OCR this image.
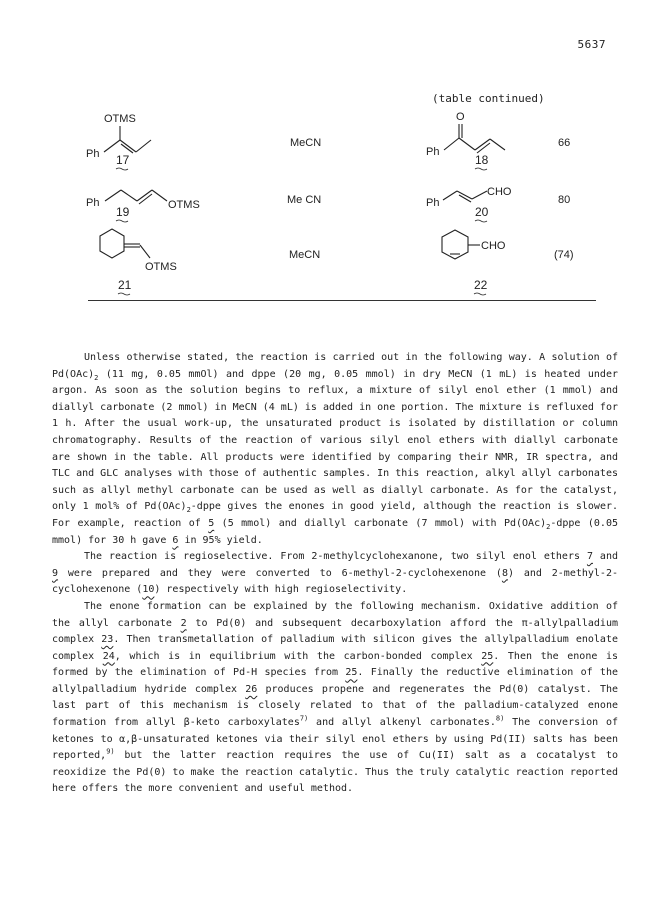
5637
(table continued)
OTMS
Ph 17
O
Ph
18
Ph	OTMS
19
CHO
Ph
20
OTMS
21
CHO
22
MeCN
Me CN
MeCN
66
80
(74)

Unless otherwise stated, the reaction is carried out in the following way. A solution of $Pd(OAc)_2$ (11 mg, 0.05 mmOl) and dppe (20 mg, 0.05 mmol) in dry MeCN (1 mL) is heated under argon. As soon as the solution begins to reflux, a mixture of silyl enol ether (1 mmol) and diallyl carbonate (2 mmol) in MeCN (4 mL) is added in one portion. The mixture is refluxed for 1 h. After the usual work-up, the unsaturated product is isolated by distillation or column chromatography. Results of the reaction of various silyl enol ethers with diallyl carbonate are shown in the table. All products were identified by comparing their NMR, IR spectra, and TLC and GLC analyses with those of authentic samples. In this reaction, alkyl allyl carbonates such as allyl methyl carbonate can be used as well as diallyl carbonate. As for the catalyst, only 1 mol% of $Pd(OAc)_2$-dppe gives the enones in good yield, although the reaction is slower. For example, reaction of 5 (5 mmol) and diallyl carbonate (7 mmol) with $Pd(OAc)_2$-dppe (0.05 mmol) for 30 h gave 6 in 95% yield.

The reaction is regioselective. From 2-methylcyclohexanone, two silyl enol ethers 7 and 9 were prepared and they were converted to 6-methyl-2-cyclohexenone (8) and 2-methyl-2-cyclohexenone (10) respectively with high regioselectivity.

The enone formation can be explained by the following mechanism. Oxidative addition of the allyl carbonate 2 to Pd(0) and subsequent decarboxylation afford the π-allylpalladium complex 23. Then transmetallation of palladium with silicon gives the allylpalladium enolate complex 24, which is in equilibrium with the carbon-bonded complex 25. Then the enone is formed by the elimination of Pd-H species from 25. Finally the reductive elimination of the allylpalladium hydride complex 26 produces propene and regenerates the Pd(0) catalyst. The last part of this mechanism is closely related to that of the palladium-catalyzed enone formation from allyl β-keto carboxylates$^{7)}$ and allyl alkenyl carbonates.$^{8)}$ The conversion of ketones to α,β-unsaturated ketones via their silyl enol ethers by using Pd(II) salts has been reported,$^{9)}$ but the latter reaction requires the use of Cu(II) salt as a cocatalyst to reoxidize the Pd(0) to make the reaction catalytic. Thus the truly catalytic reaction reported here offers the more convenient and useful method.
